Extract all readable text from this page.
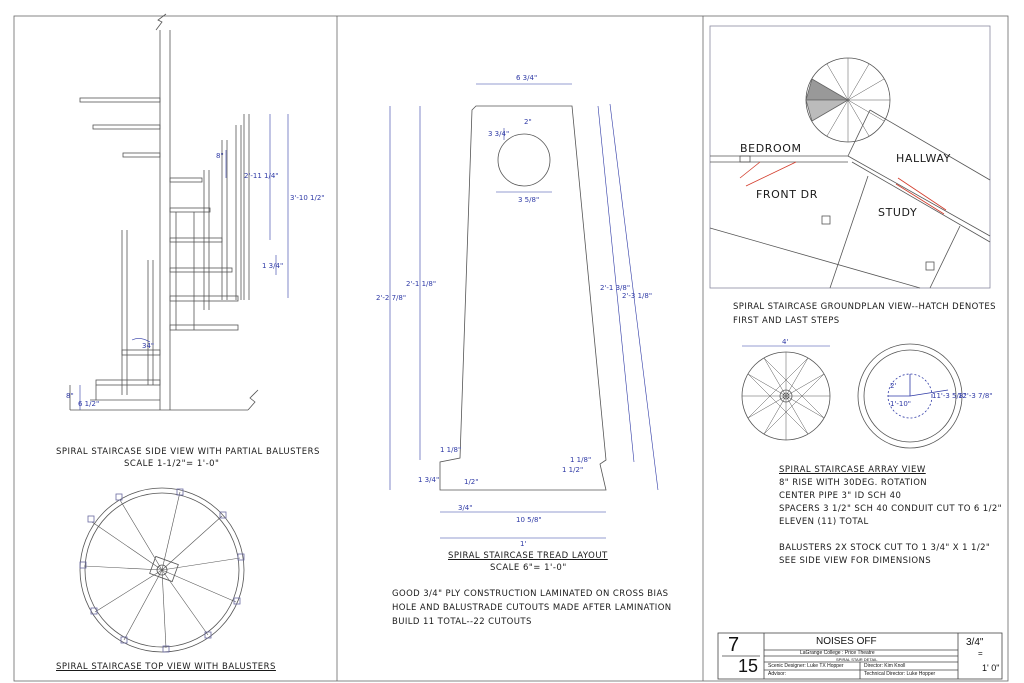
8"
2'-11 1/4"
3'-10 1/2"
1 3/4"
34"
8"
6 1/2"
6 3/4"
2"
3 3/4"
3 5/8"
2'-2 7/8"
2'-1 1/8"	2'-1 3/8"
2'-3 1/8"
1 1/8"
1 3/4"	1/2"
3/4"
1 1/8"
1 1/2"
10 5/8"
1'
BEDROOM
FRONT DR
HALLWAY
STUDY
4'
2'
1'-10"
11'-3 5/8"
12'-3 7/8"
SPIRAL STAIRCASE SIDE VIEW WITH PARTIAL BALUSTERS
SCALE 1-1/2"= 1'-0"
SPIRAL STAIRCASE TOP VIEW WITH BALUSTERS
SPIRAL STAIRCASE TREAD LAYOUT
SCALE 6"= 1'-0"
GOOD 3/4" PLY CONSTRUCTION LAMINATED ON CROSS BIAS
HOLE AND BALUSTRADE CUTOUTS MADE AFTER LAMINATION
BUILD 11 TOTAL--22 CUTOUTS
SPIRAL STAIRCASE GROUNDPLAN VIEW--HATCH DENOTES
FIRST AND LAST STEPS
SPIRAL STAIRCASE ARRAY VIEW
8" RISE WITH 30DEG. ROTATION
CENTER PIPE 3" ID SCH 40
SPACERS 3 1/2" SCH 40 CONDUIT CUT TO 6 1/2"
ELEVEN (11) TOTAL
BALUSTERS 2X STOCK CUT TO 1 3/4" X 1 1/2"
SEE SIDE VIEW FOR DIMENSIONS
7
15
NOISES OFF
LaGrange College : Price Theatre
SPIRAL STAIR DETAIL
Scenic Designer: Luke TX Hopper	Director: Kim Knoll
Advisor:	Technical Director: Luke Hopper
3/4"
=
1' 0"
